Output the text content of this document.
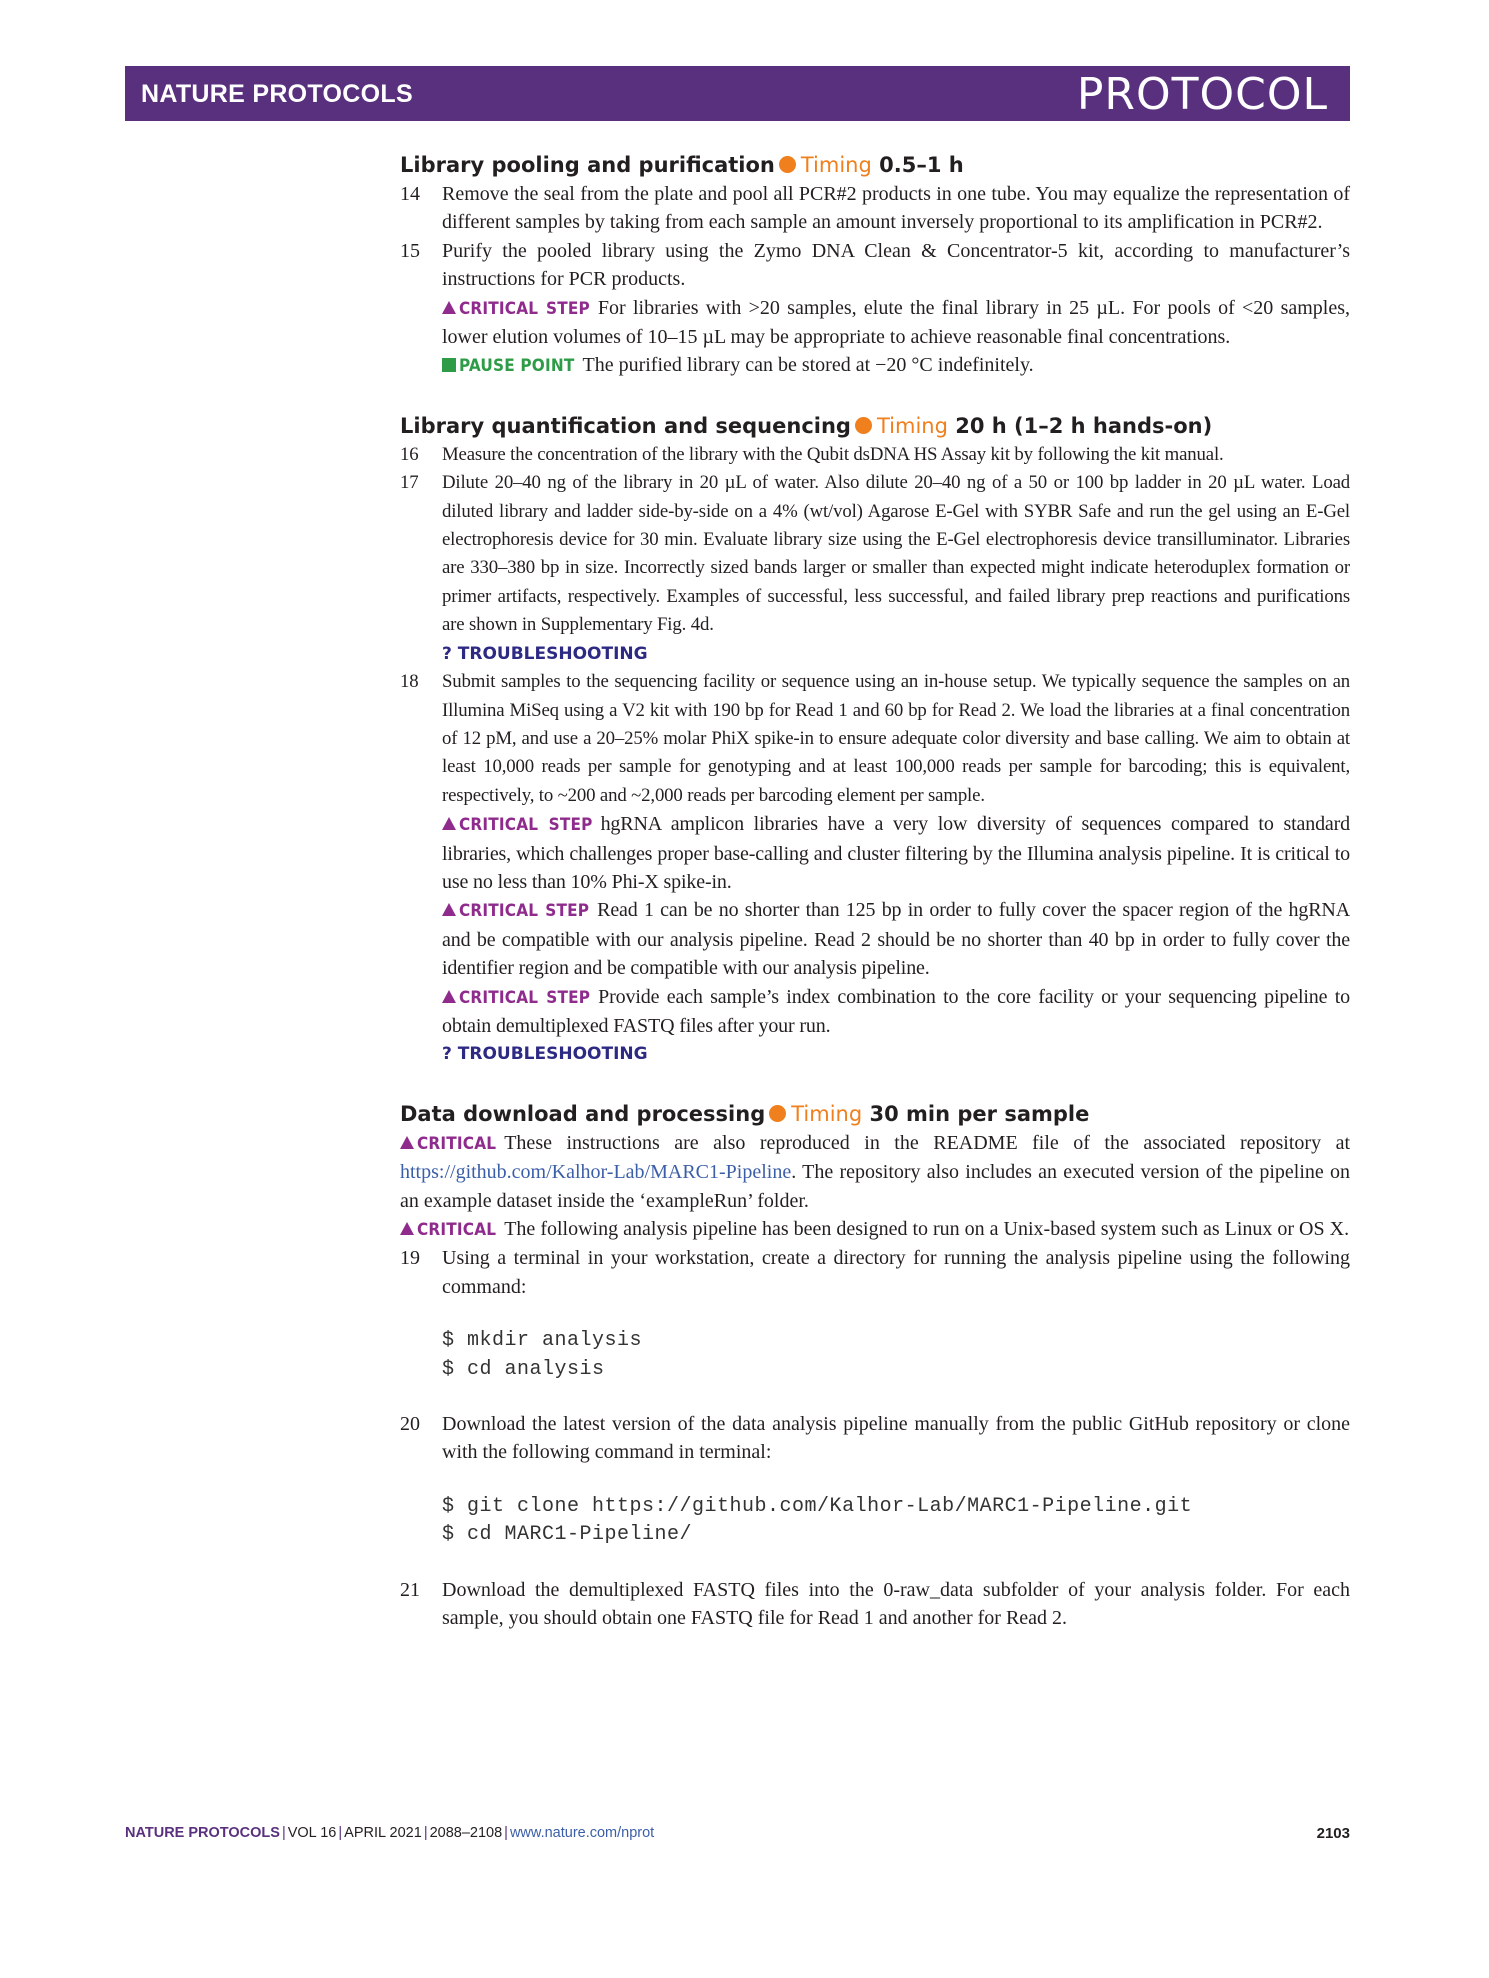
NATURE PROTOCOLS	PROTOCOL
Library pooling and purification Timing 0.5–1 h
14 Remove the seal from the plate and pool all PCR#2 products in one tube. You may equalize the representation of different samples by taking from each sample an amount inversely proportional to its amplification in PCR#2.
15 Purify the pooled library using the Zymo DNA Clean & Concentrator-5 kit, according to manufacturer’s instructions for PCR products.
CRITICAL STEP For libraries with >20 samples, elute the final library in 25 µL. For pools of <20 samples, lower elution volumes of 10–15 µL may be appropriate to achieve reasonable final concentrations.
PAUSE POINT The purified library can be stored at −20 °C indefinitely.
Library quantification and sequencing Timing 20 h (1–2 h hands-on)
16 Measure the concentration of the library with the Qubit dsDNA HS Assay kit by following the kit manual.
17 Dilute 20–40 ng of the library in 20 µL of water. Also dilute 20–40 ng of a 50 or 100 bp ladder in 20 µL water. Load diluted library and ladder side-by-side on a 4% (wt/vol) Agarose E-Gel with SYBR Safe and run the gel using an E-Gel electrophoresis device for 30 min. Evaluate library size using the E-Gel electrophoresis device transilluminator. Libraries are 330–380 bp in size. Incorrectly sized bands larger or smaller than expected might indicate heteroduplex formation or primer artifacts, respectively. Examples of successful, less successful, and failed library prep reactions and purifications are shown in Supplementary Fig. 4d.
? TROUBLESHOOTING
18 Submit samples to the sequencing facility or sequence using an in-house setup. We typically sequence the samples on an Illumina MiSeq using a V2 kit with 190 bp for Read 1 and 60 bp for Read 2. We load the libraries at a final concentration of 12 pM, and use a 20–25% molar PhiX spike-in to ensure adequate color diversity and base calling. We aim to obtain at least 10,000 reads per sample for genotyping and at least 100,000 reads per sample for barcoding; this is equivalent, respectively, to ~200 and ~2,000 reads per barcoding element per sample.
CRITICAL STEP hgRNA amplicon libraries have a very low diversity of sequences compared to standard libraries, which challenges proper base-calling and cluster filtering by the Illumina analysis pipeline. It is critical to use no less than 10% Phi-X spike-in.
CRITICAL STEP Read 1 can be no shorter than 125 bp in order to fully cover the spacer region of the hgRNA and be compatible with our analysis pipeline. Read 2 should be no shorter than 40 bp in order to fully cover the identifier region and be compatible with our analysis pipeline.
CRITICAL STEP Provide each sample’s index combination to the core facility or your sequencing pipeline to obtain demultiplexed FASTQ files after your run.
? TROUBLESHOOTING
Data download and processing Timing 30 min per sample
CRITICAL These instructions are also reproduced in the README file of the associated repository at https://github.com/Kalhor-Lab/MARC1-Pipeline. The repository also includes an executed version of the pipeline on an example dataset inside the ‘exampleRun’ folder.
CRITICAL The following analysis pipeline has been designed to run on a Unix-based system such as Linux or OS X.
19 Using a terminal in your workstation, create a directory for running the analysis pipeline using the following command:
$ mkdir analysis
$ cd analysis
20 Download the latest version of the data analysis pipeline manually from the public GitHub repository or clone with the following command in terminal:
$ git clone https://github.com/Kalhor-Lab/MARC1-Pipeline.git
$ cd MARC1-Pipeline/
21 Download the demultiplexed FASTQ files into the 0-raw_data subfolder of your analysis folder. For each sample, you should obtain one FASTQ file for Read 1 and another for Read 2.
NATURE PROTOCOLS | VOL 16 | APRIL 2021 | 2088–2108 | www.nature.com/nprot	2103
